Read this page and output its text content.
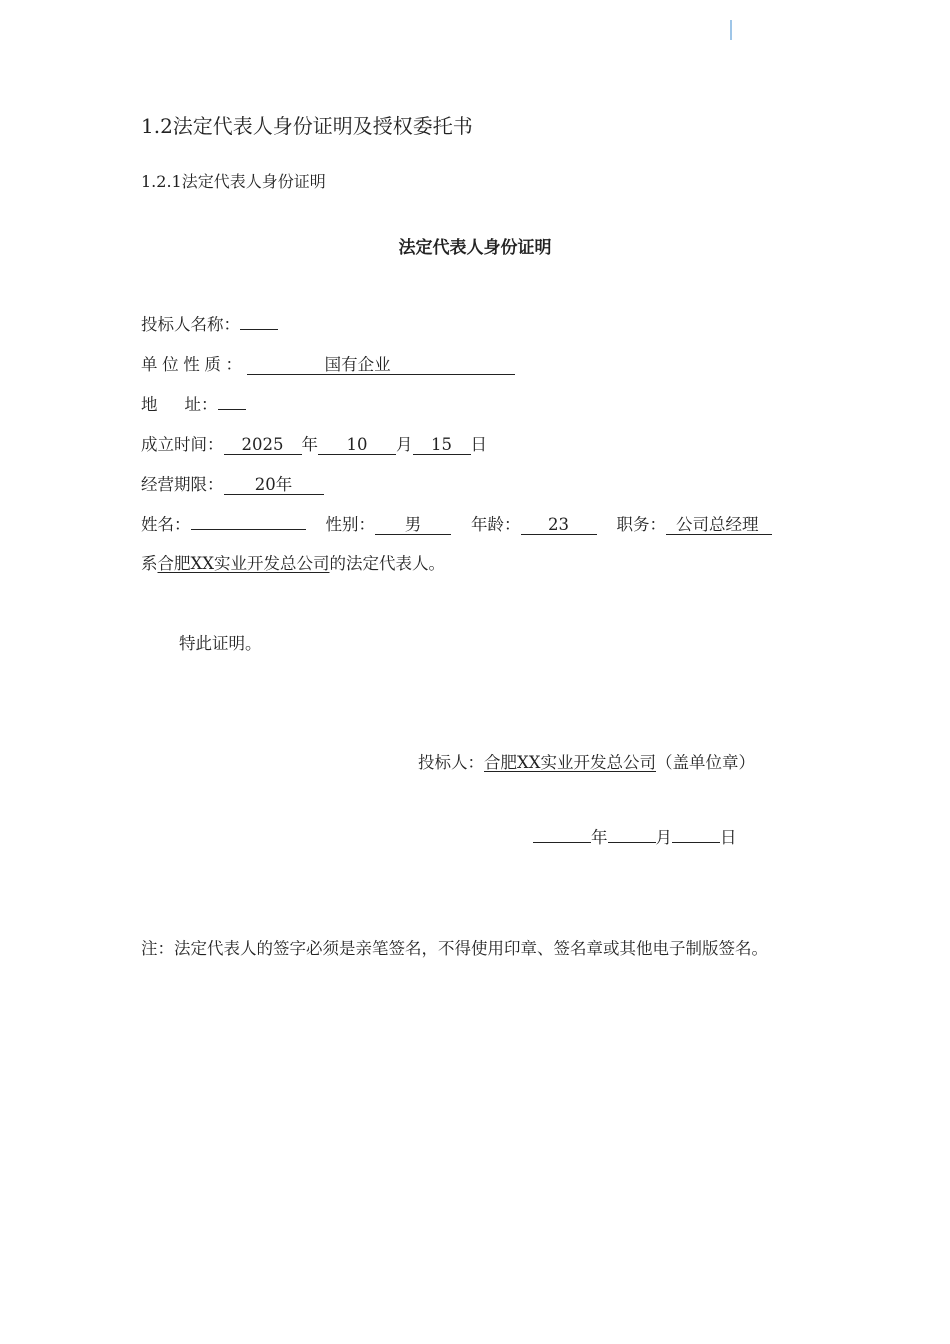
1.2法定代表人身份证明及授权委托书
1.2.1法定代表人身份证明
法定代表人身份证明
投标人名称：
单位性质：	国有企业
地 址：
成立时间： 2025 年 10 月 15 日
经营期限： 20年
姓名：	性别： 男	年龄： 23	职务： 公司总经理
系合肥XX实业开发总公司的法定代表人。
特此证明。
投标人：合肥XX实业开发总公司（盖单位章）
年	月	日
注：法定代表人的签字必须是亲笔签名，不得使用印章、签名章或其他电子制版签名。
